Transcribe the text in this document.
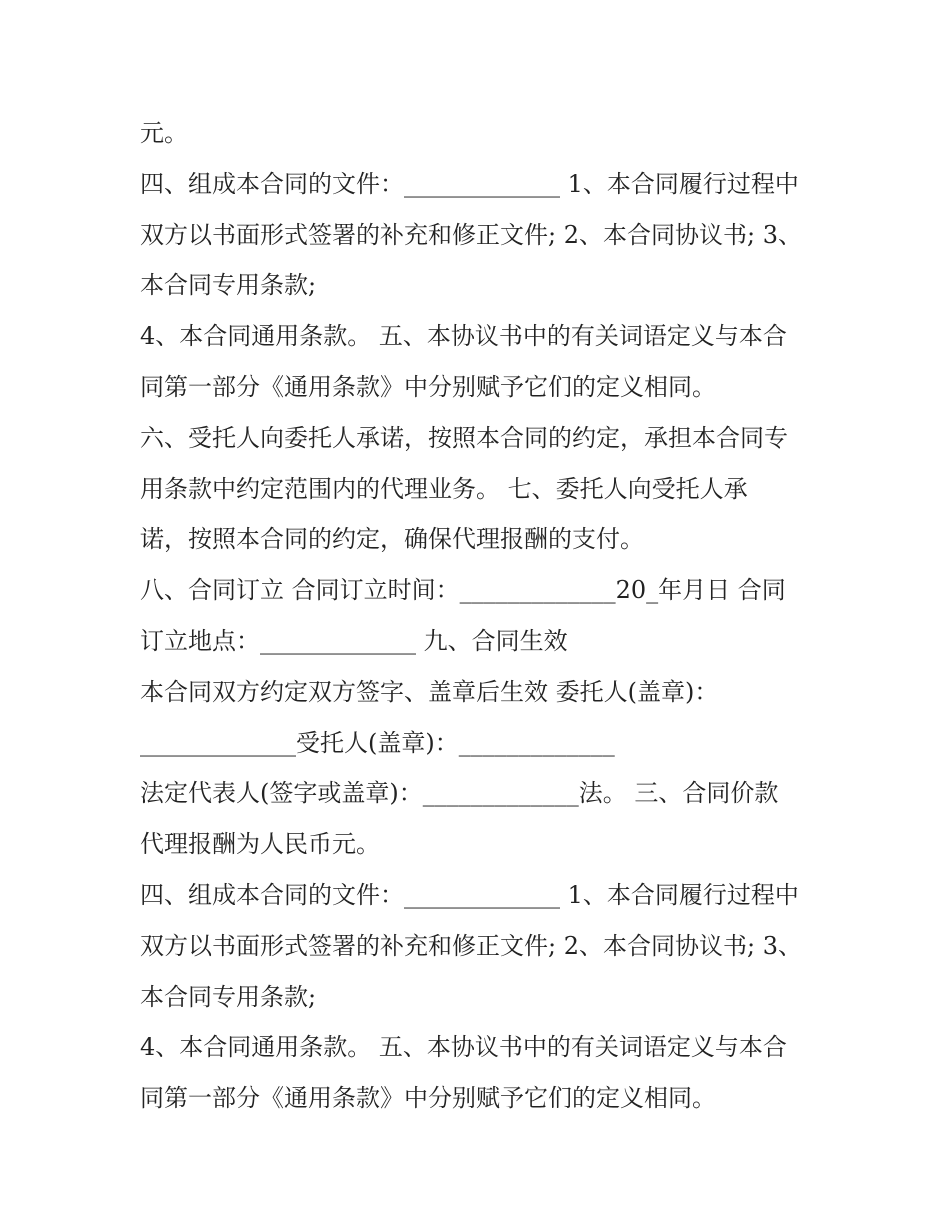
元。
四、组成本合同的文件：_____________ 1、本合同履行过程中
双方以书面形式签署的补充和修正文件; 2、本合同协议书; 3、
本合同专用条款;
4、本合同通用条款。 五、本协议书中的有关词语定义与本合
同第一部分《通用条款》中分别赋予它们的定义相同。
六、受托人向委托人承诺，按照本合同的约定，承担本合同专
用条款中约定范围内的代理业务。 七、委托人向受托人承
诺，按照本合同的约定，确保代理报酬的支付。
八、合同订立 合同订立时间：_____________20_年月日 合同
订立地点：_____________ 九、合同生效
本合同双方约定双方签字、盖章后生效 委托人(盖章)：
_____________受托人(盖章)：_____________
法定代表人(签字或盖章)：_____________法。 三、合同价款
代理报酬为人民币元。
四、组成本合同的文件：_____________ 1、本合同履行过程中
双方以书面形式签署的补充和修正文件; 2、本合同协议书; 3、
本合同专用条款;
4、本合同通用条款。 五、本协议书中的有关词语定义与本合
同第一部分《通用条款》中分别赋予它们的定义相同。
